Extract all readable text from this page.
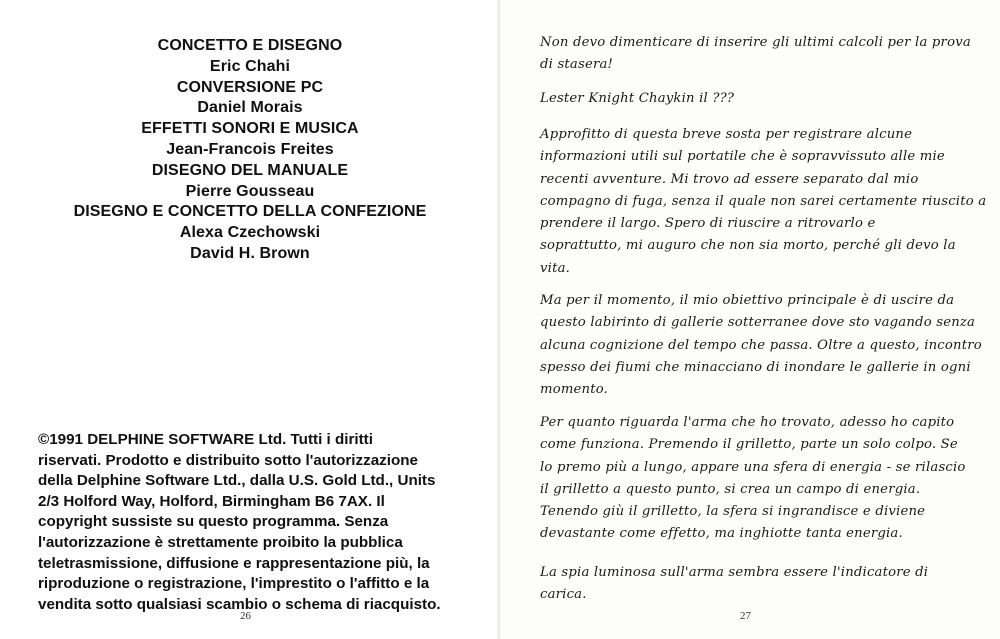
CONCETTO E DISEGNO
Eric Chahi
CONVERSIONE PC
Daniel Morais
EFFETTI SONORI E MUSICA
Jean-Francois Freites
DISEGNO DEL MANUALE
Pierre Gousseau
DISEGNO E CONCETTO DELLA CONFEZIONE
Alexa Czechowski
David H. Brown
©1991 DELPHINE SOFTWARE Ltd. Tutti i diritti
riservati. Prodotto e distribuito sotto l'autorizzazione
della Delphine Software Ltd., dalla U.S. Gold Ltd., Units
2/3 Holford Way, Holford, Birmingham B6 7AX. Il
copyright sussiste su questo programma. Senza
l'autorizzazione è strettamente proibito la pubblica
teletrasmissione, diffusione e rappresentazione più, la
riproduzione o registrazione, l'imprestito o l'affitto e la
vendita sotto qualsiasi scambio o schema di riacquisto.
26
Non devo dimenticare di inserire gli ultimi calcoli per la prova
di stasera!
Lester Knight Chaykin il ???
Approfitto di questa breve sosta per registrare alcune
informazioni utili sul portatile che è sopravvissuto alle mie
recenti avventure. Mi trovo ad essere separato dal mio
compagno di fuga, senza il quale non sarei certamente riuscito a
prendere il largo. Spero di riuscire a ritrovarlo e
soprattutto, mi auguro che non sia morto, perché gli devo la
vita.
Ma per il momento, il mio obiettivo principale è di uscire da
questo labirinto di gallerie sotterranee dove sto vagando senza
alcuna cognizione del tempo che passa. Oltre a questo, incontro
spesso dei fiumi che minacciano di inondare le gallerie in ogni
momento.
Per quanto riguarda l'arma che ho trovato, adesso ho capito
come funziona. Premendo il grilletto, parte un solo colpo. Se
lo premo più a lungo, appare una sfera di energia - se rilascio
il grilletto a questo punto, si crea un campo di energia.
Tenendo giù il grilletto, la sfera si ingrandisce e diviene
devastante come effetto, ma inghiotte tanta energia.
La spia luminosa sull'arma sembra essere l'indicatore di
carica.
27
